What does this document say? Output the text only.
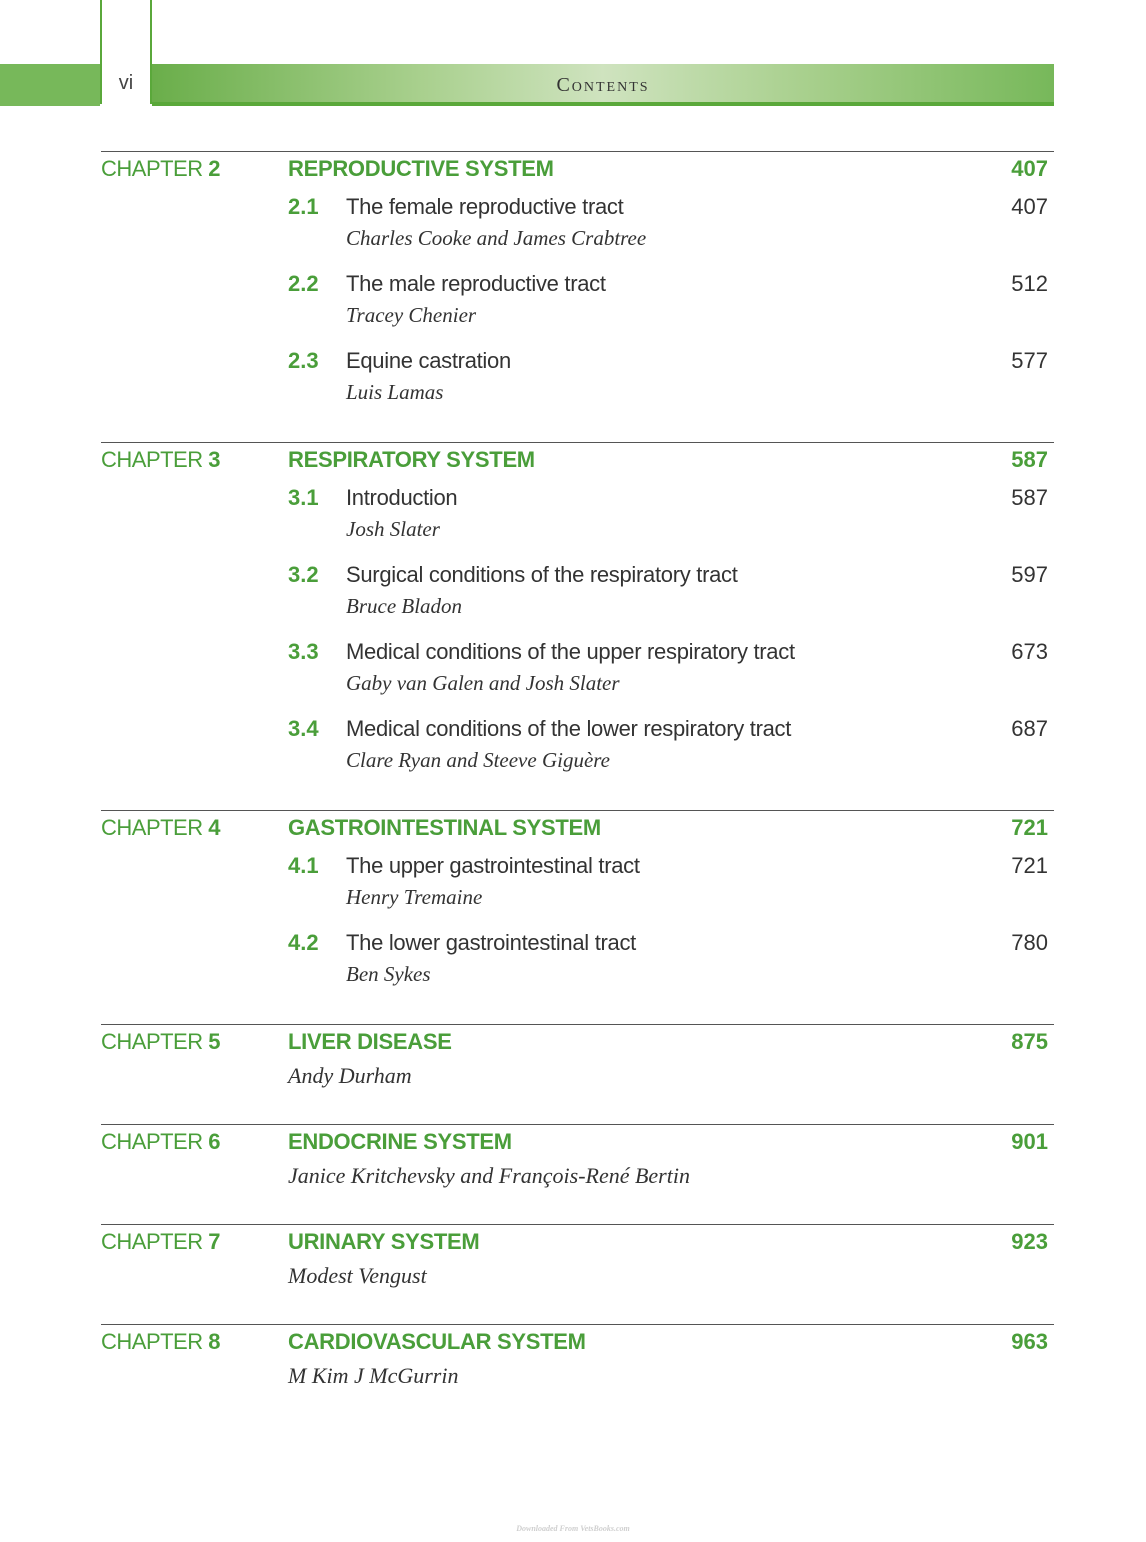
vi	Contents
CHAPTER 2	REPRODUCTIVE SYSTEM	407
2.1 The female reproductive tract	407
Charles Cooke and James Crabtree
2.2 The male reproductive tract	512
Tracey Chenier
2.3 Equine castration	577
Luis Lamas
CHAPTER 3	RESPIRATORY SYSTEM	587
3.1 Introduction	587
Josh Slater
3.2 Surgical conditions of the respiratory tract	597
Bruce Bladon
3.3 Medical conditions of the upper respiratory tract	673
Gaby van Galen and Josh Slater
3.4 Medical conditions of the lower respiratory tract	687
Clare Ryan and Steeve Giguère
CHAPTER 4	GASTROINTESTINAL SYSTEM	721
4.1 The upper gastrointestinal tract	721
Henry Tremaine
4.2 The lower gastrointestinal tract	780
Ben Sykes
CHAPTER 5	LIVER DISEASE	875
Andy Durham
CHAPTER 6	ENDOCRINE SYSTEM	901
Janice Kritchevsky and François-René Bertin
CHAPTER 7	URINARY SYSTEM	923
Modest Vengust
CHAPTER 8	CARDIOVASCULAR SYSTEM	963
M Kim J McGurrin
Downloaded From VetsBooks.com
